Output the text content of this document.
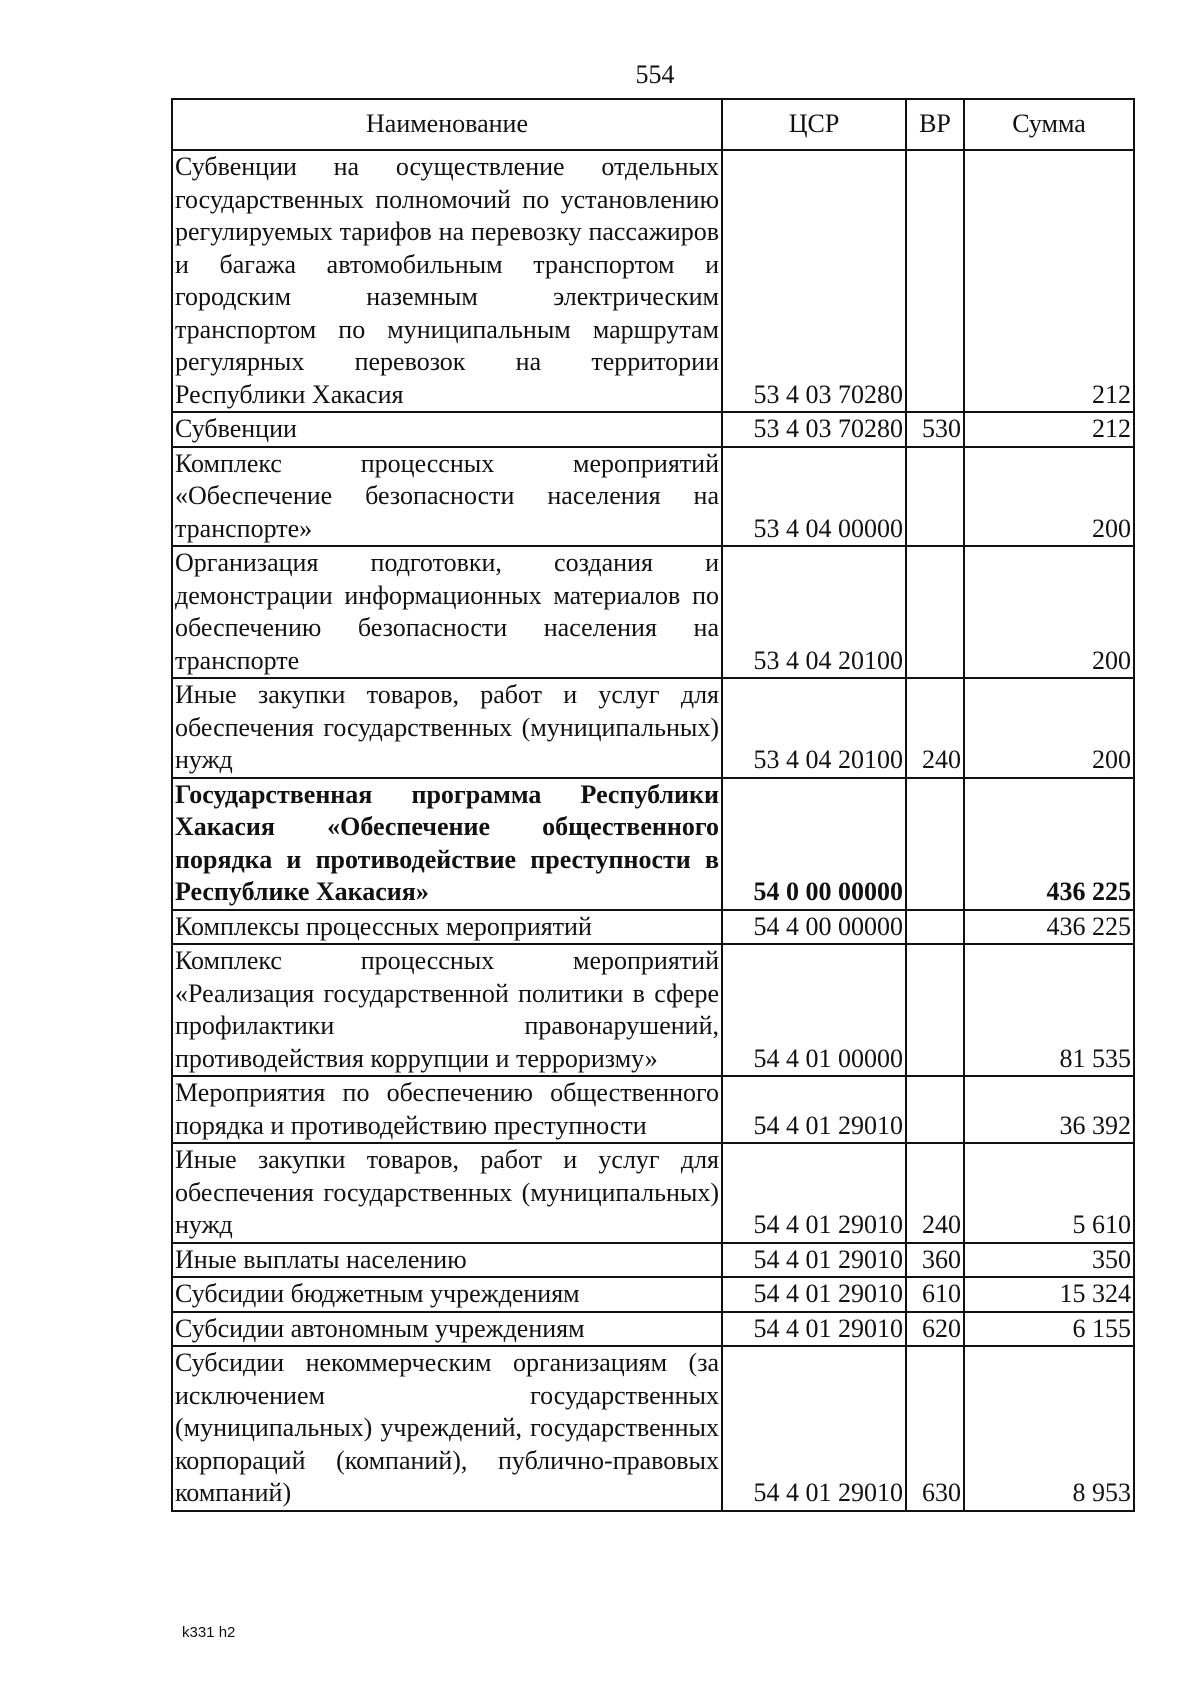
554
Наименование	ЦСР	ВР	Сумма
Субвенции на осуществление отдельных государственных полномочий по установлению регулируемых тарифов на перевозку пассажиров и багажа автомобильным транспортом и городским наземным электрическим транспортом по муниципальным маршрутам регулярных перевозок на территории Республики Хакасия	53 4 03 70280		212
Субвенции	53 4 03 70280	530	212
Комплекс процессных мероприятий «Обеспечение безопасности населения на транспорте»	53 4 04 00000		200
Организация подготовки, создания и демонстрации информационных материалов по обеспечению безопасности населения на транспорте	53 4 04 20100		200
Иные закупки товаров, работ и услуг для обеспечения государственных (муниципальных) нужд	53 4 04 20100	240	200
Государственная программа Республики Хакасия «Обеспечение общественного порядка и противодействие преступности в Республике Хакасия»	54 0 00 00000		436 225
Комплексы процессных мероприятий	54 4 00 00000		436 225
Комплекс процессных мероприятий «Реализация государственной политики в сфере профилактики правонарушений, противодействия коррупции и терроризму»	54 4 01 00000		81 535
Мероприятия по обеспечению общественного порядка и противодействию преступности	54 4 01 29010		36 392
Иные закупки товаров, работ и услуг для обеспечения государственных (муниципальных) нужд	54 4 01 29010	240	5 610
Иные выплаты населению	54 4 01 29010	360	350
Субсидии бюджетным учреждениям	54 4 01 29010	610	15 324
Субсидии автономным учреждениям	54 4 01 29010	620	6 155
Субсидии некоммерческим организациям (за исключением государственных (муниципальных) учреждений, государственных корпораций (компаний), публично-правовых компаний)	54 4 01 29010	630	8 953
k331 h2
